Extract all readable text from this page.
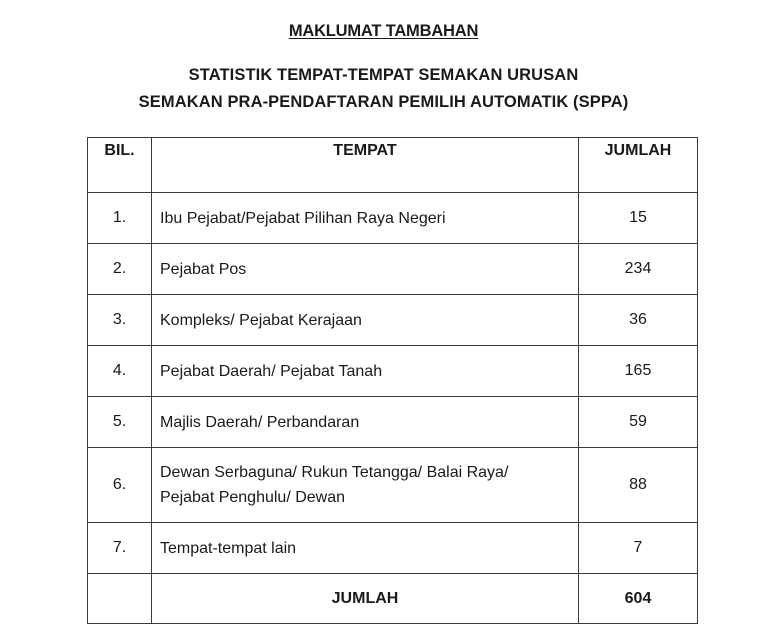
MAKLUMAT TAMBAHAN
STATISTIK TEMPAT-TEMPAT SEMAKAN URUSAN
SEMAKAN PRA-PENDAFTARAN PEMILIH AUTOMATIK (SPPA)
BIL.	TEMPAT	JUMLAH
1.	Ibu Pejabat/Pejabat Pilihan Raya Negeri	15
2.	Pejabat Pos	234
3.	Kompleks/ Pejabat Kerajaan	36
4.	Pejabat Daerah/ Pejabat Tanah	165
5.	Majlis Daerah/ Perbandaran	59
6.	Dewan Serbaguna/ Rukun Tetangga/ Balai Raya/ Pejabat Penghulu/ Dewan	88
7.	Tempat-tempat lain	7
	JUMLAH	604
